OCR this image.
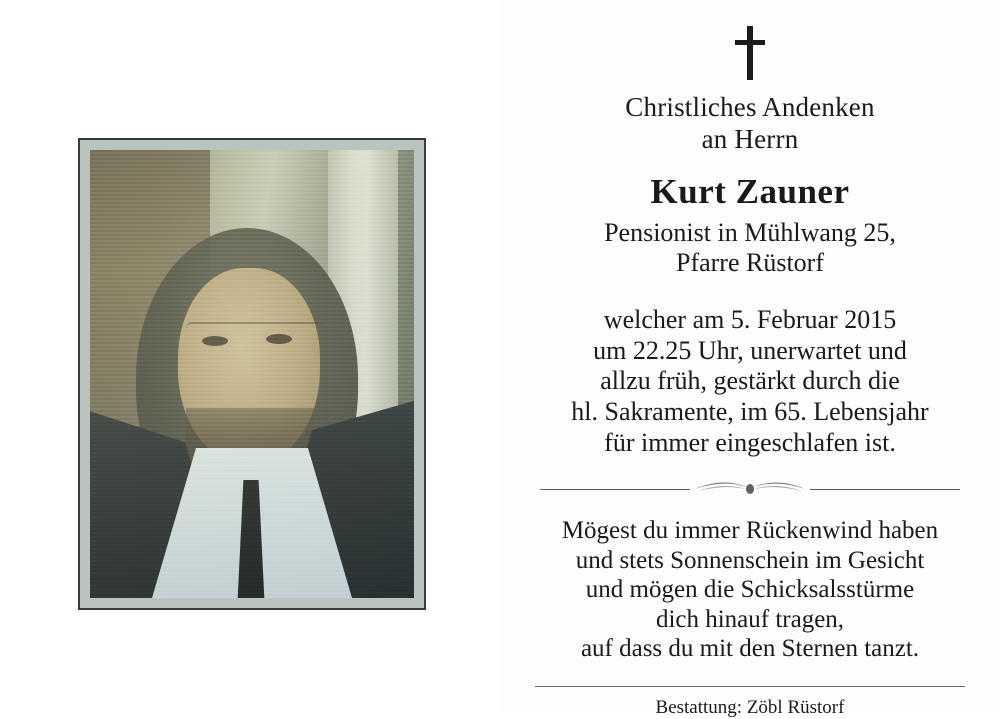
Christliches Andenken
an Herrn
Kurt Zauner
Pensionist in Mühlwang 25,
Pfarre Rüstorf
welcher am 5. Februar 2015
um 22.25 Uhr, unerwartet und
allzu früh, gestärkt durch die
hl. Sakramente, im 65. Lebensjahr
für immer eingeschlafen ist.
Mögest du immer Rückenwind haben
und stets Sonnenschein im Gesicht
und mögen die Schicksalsstürme
dich hinauf tragen,
auf dass du mit den Sternen tanzt.
Bestattung: Zöbl Rüstorf
